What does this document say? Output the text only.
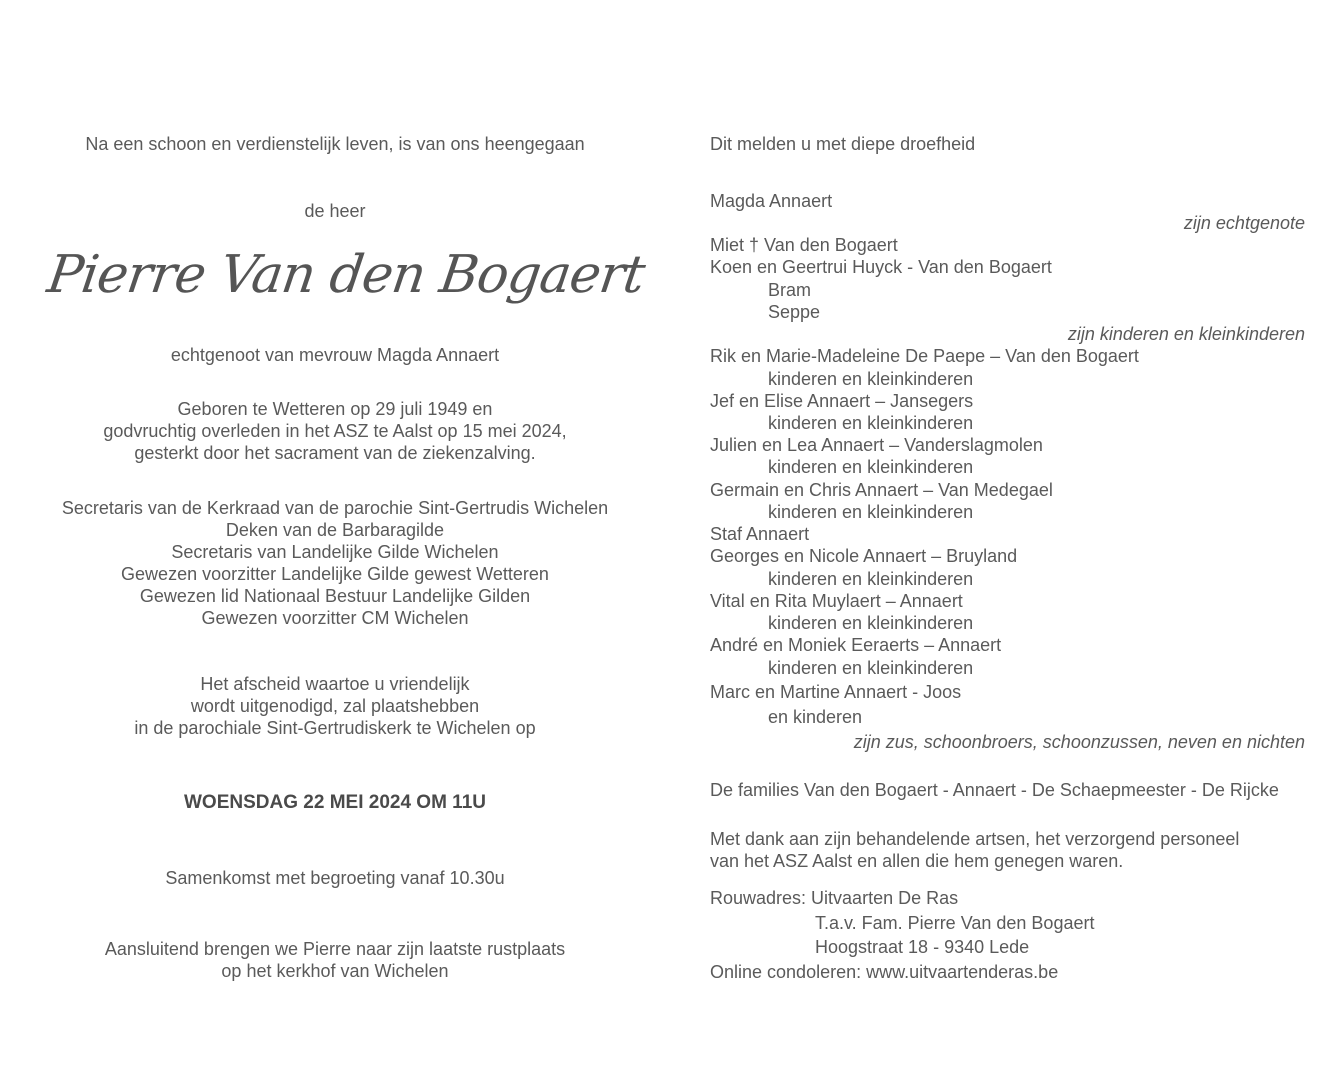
Na een schoon en verdienstelijk leven, is van ons heengegaan
de heer
Pierre Van den Bogaert
echtgenoot van mevrouw Magda Annaert
Geboren te Wetteren op 29 juli 1949 en
godvruchtig overleden in het ASZ te Aalst op 15 mei 2024,
gesterkt door het sacrament van de ziekenzalving.
Secretaris van de Kerkraad van de parochie Sint-Gertrudis Wichelen
Deken van de Barbaragilde
Secretaris van Landelijke Gilde Wichelen
Gewezen voorzitter Landelijke Gilde gewest Wetteren
Gewezen lid Nationaal Bestuur Landelijke Gilden
Gewezen voorzitter CM Wichelen
Het afscheid waartoe u vriendelijk
wordt uitgenodigd, zal plaatshebben
in de parochiale Sint-Gertrudiskerk te Wichelen op
WOENSDAG 22 MEI 2024 OM 11U
Samenkomst met begroeting vanaf 10.30u
Aansluitend brengen we Pierre naar zijn laatste rustplaats
op het kerkhof van Wichelen
Dit melden u met diepe droefheid
Magda Annaert
zijn echtgenote
Miet † Van den Bogaert
Koen en Geertrui Huyck - Van den Bogaert
Bram
Seppe
zijn kinderen en kleinkinderen
Rik en Marie-Madeleine De Paepe – Van den Bogaert
kinderen en kleinkinderen
Jef en Elise Annaert – Jansegers
kinderen en kleinkinderen
Julien en Lea Annaert – Vanderslagmolen
kinderen en kleinkinderen
Germain en Chris Annaert – Van Medegael
kinderen en kleinkinderen
Staf Annaert
Georges en Nicole Annaert – Bruyland
kinderen en kleinkinderen
Vital en Rita Muylaert – Annaert
kinderen en kleinkinderen
André en Moniek Eeraerts – Annaert
kinderen en kleinkinderen
Marc en Martine Annaert - Joos
en kinderen
zijn zus, schoonbroers, schoonzussen, neven en nichten
De families Van den Bogaert - Annaert - De Schaepmeester - De Rijcke
Met dank aan zijn behandelende artsen, het verzorgend personeel
van het ASZ Aalst en allen die hem genegen waren.
Rouwadres: Uitvaarten De Ras
T.a.v. Fam. Pierre Van den Bogaert
Hoogstraat 18 - 9340 Lede
Online condoleren: www.uitvaartenderas.be
